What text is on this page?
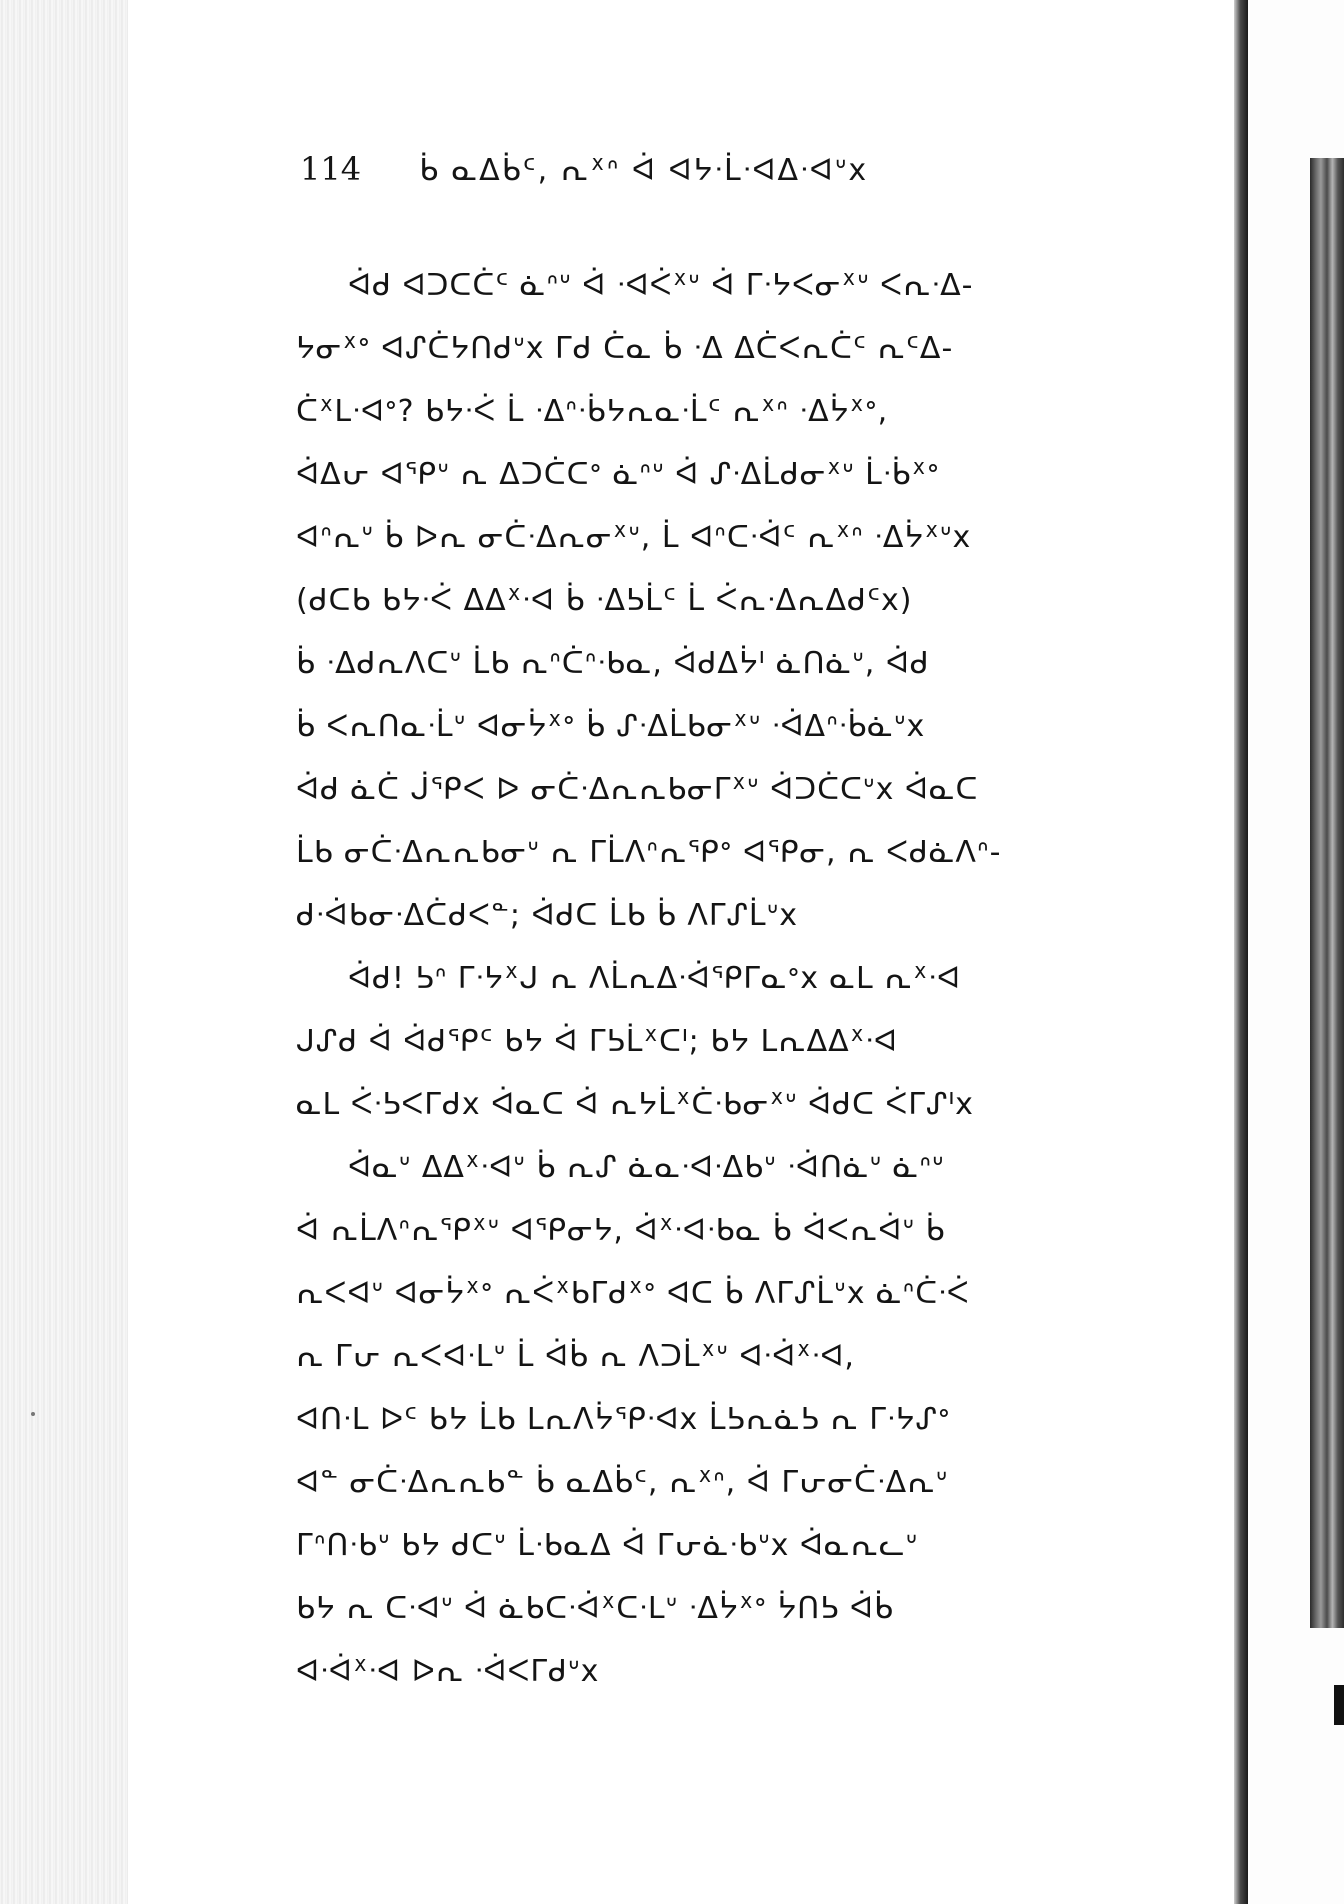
114 ᑳ ᓇᐃᑳᑦ, ᕆᕽᐢ ᐋ ᐊᔭᐧᒫᐧᐊᐃᐧᐊᐡx
ᐋᑯ ᐊᑐᑕᑖᑦ ᓈᐢᐡ ᐋ ᐧᐊᐹᕽᐡ ᐋ ᒥᐧᔭᐸᓂᕽᐡ ᐸᕆᐧᐃ-
ᔭᓂᕽᐤ ᐊᔑᑖᔭᑎᑯᐡx ᒥᑯ ᑖᓇ ᑳ ᐧᐃ ᐃᑖᐸᕆᑖᑦ ᕆᑦᐃ-
ᑖᕽᒪᐧᐊᐤ? ᑲᔭᐧᐹ ᒫ ᐧᐃᐢᐧᑳᔭᕆᓇᐧᒫᑦ ᕆᕽᐢ ᐧᐃᔮᕽᐤ,
ᐋᐃᕂ ᐊᕿᐡ ᕆ ᐃᑐᑖᑕᐤ ᓈᐢᐡ ᐋ ᔑᐧᐃᒫᑯᓂᕽᐡ ᒫᐧᑳᕽᐤ
ᐊᐢᕆᐡ ᑳ ᐅᕆ ᓂᑖᐧᐃᕆᓂᕽᐡ, ᒫ ᐊᐢᑕᐧᐋᑦ ᕆᕽᐢ ᐧᐃᔮᕽᐡx
(ᑯᑕᑲ ᑲᔭᐧᐹ ᐃᐃᕽᐧᐊ ᑳ ᐧᐃᕊᒫᑦ ᒫ ᐹᕆᐧᐃᕆᐃᑯᑦx)
ᑳ ᐧᐃᑯᕆᐱᑕᐡ ᒫᑲ ᕆᐢᑖᐢᐧᑲᓇ, ᐋᑯᐃᔮᑊ ᓈᑎᓈᐡ, ᐋᑯ
ᑳ ᐸᕆᑎᓇᐧᒫᐡ ᐊᓂᔮᕽᐤ ᑳ ᔑᐧᐃᒫᑲᓂᕽᐡ ᐧᐋᐃᐢᐧᑳᓈᐡx
ᐋᑯ ᓈᑖ ᒎᕿᐸ ᐅ ᓂᑖᐧᐃᕆᕆᑲᓂᒥᕽᐡ ᐋᑐᑖᑕᐡx ᐋᓇᑕ
ᒫᑲ ᓂᑖᐧᐃᕆᕆᑲᓂᐡ ᕆ ᒥᒫᐱᐢᕆᕿᐤ ᐊᕿᓂ, ᕆ ᐸᑯᓈᐱᐢ-
ᑯᐧᐋᑲᓂᐧᐃᑖᑯᐸᓐ; ᐋᑯᑕ ᒫᑲ ᑳ ᐱᒥᔑᒫᐡx
ᐋᑯ! ᕊᐢ ᒥᐧᔭᕽᒍ ᕆ ᐱᒫᕆᐃᐧᐋᕿᒥᓇᐤx ᓇᒪ ᕆᕽᐧᐊ
ᒍᔑᑯ ᐋ ᐋᑯᕿᑦ ᑲᔭ ᐋ ᒥᕊᒫᕽᑕᑊ; ᑲᔭ ᒪᕆᐃᐃᕽᐧᐊ
ᓇᒪ ᐹᐧᕊᐸᒥᑯx ᐋᓇᑕ ᐋ ᕆᔭᒫᕽᑖᐧᑲᓂᕽᐡ ᐋᑯᑕ ᐹᒥᔑᑊx
ᐋᓇᐡ ᐃᐃᕽᐧᐊᐡ ᑳ ᕆᔑ ᓈᓇᐧᐊᐧᐃᑲᐡ ᐧᐋᑎᓈᐡ ᓈᐢᐡ
ᐋ ᕆᒫᐱᐢᕆᕿᕽᐡ ᐊᕿᓂᔭ, ᐋᕽᐧᐊᐧᑲᓇ ᑳ ᐋᐸᕆᐋᐡ ᑳ
ᕆᐸᐊᐡ ᐊᓂᔮᕽᐤ ᕆᐹᕽᑲᒥᑯᕽᐤ ᐊᑕ ᑳ ᐱᒥᔑᒫᐡx ᓈᐢᑖᐧᐹ
ᕆ ᒥᕂ ᕆᐸᐊᐧᒪᐡ ᒫ ᐋᑳ ᕆ ᐱᑐᒫᕽᐡ ᐊᐧᐋᕽᐧᐊ,
ᐊᑎᐧᒪ ᐅᑦ ᑲᔭ ᒫᑲ ᒪᕆᐱᔮᕿᐧᐊx ᒫᕊᕆᓈᕊ ᕆ ᒥᐧᔭᔑᐤ
ᐊᓐ ᓂᑖᐧᐃᕆᕆᑲᓐ ᑳ ᓇᐃᑳᑦ, ᕆᕽᐢ, ᐋ ᒥᕂᓂᑖᐧᐃᕆᐡ
ᒥᐢᑎᐧᑲᐡ ᑲᔭ ᑯᑕᐡ ᒫᐧᑲᓇᐃ ᐋ ᒥᕂᓈᐧᑲᐡx ᐋᓇᕆᓚᐡ
ᑲᔭ ᕆ ᑕᐧᐊᐡ ᐋ ᓈᑲᑕᐧᐋᕽᑕᐧᒪᐡ ᐧᐃᔮᕽᐤ ᔮᑎᕊ ᐋᑳ
ᐊᐧᐋᕽᐧᐊ ᐅᕆ ᐧᐋᐸᒥᑯᐡx
